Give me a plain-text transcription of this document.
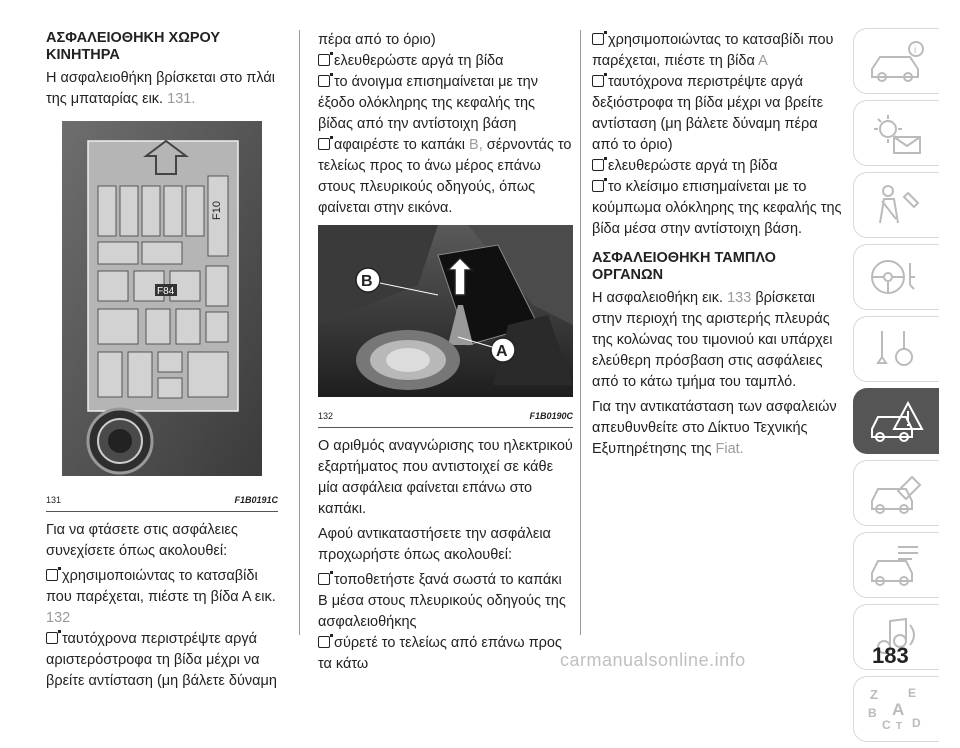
ΑΣΦΑΛΕΙΟΘΗΚΗ ΧΩΡΟΥ ΚΙΝΗΤΗΡΑ

Η ασφαλειοθήκη βρίσκεται στο πλάι της μπαταρίας εικ. 131.

F10
F84
131	F1B0191C

Για να φτάσετε στις ασφάλειες συνεχίσετε όπως ακολουθεί:

χρησιμοποιώντας το κατσαβίδι που παρέχεται, πιέστε τη βίδα Α εικ. 132

ταυτόχρονα περιστρέψτε αργά αριστερόστροφα τη βίδα μέχρι να βρείτε αντίσταση (μη βάλετε δύναμη

πέρα από το όριο)

ελευθερώστε αργά τη βίδα

το άνοιγμα επισημαίνεται με την έξοδο ολόκληρης της κεφαλής της βίδας από την αντίστοιχη βάση

αφαιρέστε το καπάκι Β, σέρνοντάς το τελείως προς το άνω μέρος επάνω στους πλευρικούς οδηγούς, όπως φαίνεται στην εικόνα.

B
A
132	F1B0190C

Ο αριθμός αναγνώρισης του ηλεκτρικού εξαρτήματος που αντιστοιχεί σε κάθε μία ασφάλεια φαίνεται επάνω στο καπάκι.

Αφού αντικαταστήσετε την ασφάλεια προχωρήστε όπως ακολουθεί:

τοποθετήστε ξανά σωστά το καπάκι Β μέσα στους πλευρικούς οδηγούς της ασφαλειοθήκης

σύρετέ το τελείως από επάνω προς τα κάτω

χρησιμοποιώντας το κατσαβίδι που παρέχεται, πιέστε τη βίδα Α

ταυτόχρονα περιστρέψτε αργά δεξιόστροφα τη βίδα μέχρι να βρείτε αντίσταση (μη βάλετε δύναμη πέρα από το όριο)

ελευθερώστε αργά τη βίδα

το κλείσιμο επισημαίνεται με το κούμπωμα ολόκληρης της κεφαλής της βίδα μέσα στην αντίστοιχη βάση.

ΑΣΦΑΛΕΙΟΘΗΚΗ ΤΑΜΠΛΟ ΟΡΓΑΝΩΝ

Η ασφαλειοθήκη εικ. 133 βρίσκεται στην περιοχή της αριστερής πλευράς της κολώνας του τιμονιού και υπάρχει ελεύθερη πρόσβαση στις ασφάλειες από το κάτω τμήμα του ταμπλό.

Για την αντικατάσταση των ασφαλειών απευθυνθείτε στο Δίκτυο Τεχνικής Εξυπηρέτησης της Fiat.

i
Z	E
B A
C T D
carmanualsonline.info	183
